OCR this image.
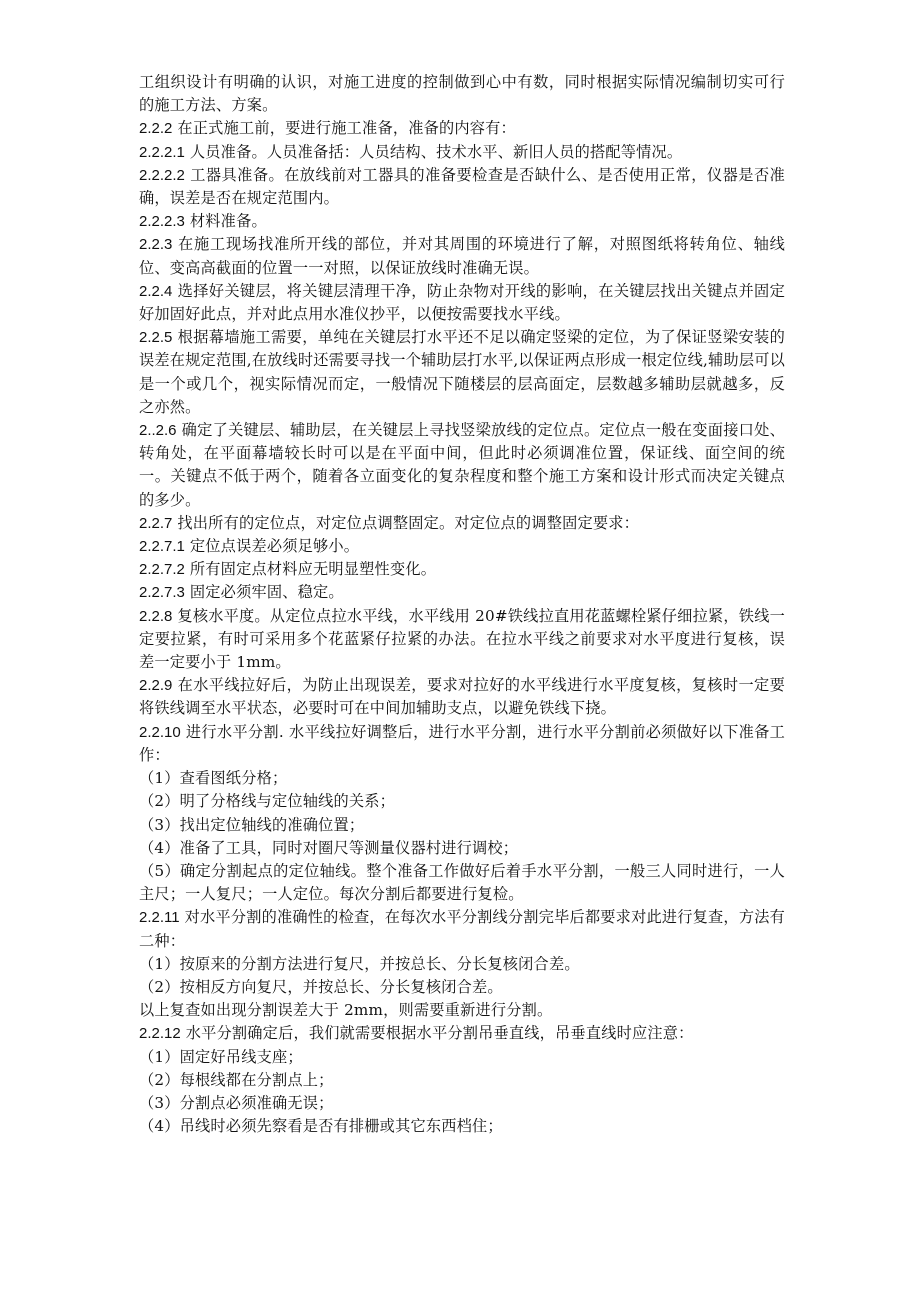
工组织设计有明确的认识，对施工进度的控制做到心中有数，同时根据实际情况编制切实可行的施工方法、方案。

2.2.2 在正式施工前，要进行施工准备，准备的内容有：

2.2.2.1 人员准备。人员准备括：人员结构、技术水平、新旧人员的搭配等情况。

2.2.2.2 工器具准备。在放线前对工器具的准备要检查是否缺什么、是否使用正常，仪器是否准确，误差是否在规定范围内。

2.2.2.3 材料准备。

2.2.3 在施工现场找准所开线的部位，并对其周围的环境进行了解，对照图纸将转角位、轴线位、变高高截面的位置一一对照，以保证放线时准确无误。

2.2.4 选择好关键层，将关键层清理干净，防止杂物对开线的影响，在关键层找出关键点并固定好加固好此点，并对此点用水准仪抄平，以便按需要找水平线。

2.2.5 根据幕墙施工需要，单纯在关键层打水平还不足以确定竖梁的定位，为了保证竖梁安装的误差在规定范围,在放线时还需要寻找一个辅助层打水平,以保证两点形成一根定位线,辅助层可以是一个或几个，视实际情况而定，一般情况下随楼层的层高面定，层数越多辅助层就越多，反之亦然。

2..2.6 确定了关键层、辅助层，在关键层上寻找竖梁放线的定位点。定位点一般在变面接口处、转角处，在平面幕墙较长时可以是在平面中间，但此时必须调准位置，保证线、面空间的统一。关键点不低于两个，随着各立面变化的复杂程度和整个施工方案和设计形式而决定关键点的多少。

2.2.7 找出所有的定位点，对定位点调整固定。对定位点的调整固定要求：

2.2.7.1 定位点误差必须足够小。

2.2.7.2 所有固定点材料应无明显塑性变化。

2.2.7.3 固定必须牢固、稳定。

2.2.8 复核水平度。从定位点拉水平线，水平线用 20#铁线拉直用花蓝螺栓紧仔细拉紧，铁线一定要拉紧，有时可采用多个花蓝紧仔拉紧的办法。在拉水平线之前要求对水平度进行复核，误差一定要小于 1mm。

2.2.9 在水平线拉好后，为防止出现误差，要求对拉好的水平线进行水平度复核，复核时一定要将铁线调至水平状态，必要时可在中间加辅助支点，以避免铁线下挠。

2.2.10 进行水平分割. 水平线拉好调整后，进行水平分割，进行水平分割前必须做好以下准备工作：

（1）查看图纸分格；

（2）明了分格线与定位轴线的关系；

（3）找出定位轴线的准确位置；

（4）准备了工具，同时对圈尺等测量仪器村进行调校；

（5）确定分割起点的定位轴线。整个准备工作做好后着手水平分割，一般三人同时进行，一人主尺；一人复尺；一人定位。每次分割后都要进行复检。

2.2.11 对水平分割的准确性的检查，在每次水平分割线分割完毕后都要求对此进行复查，方法有二种：

（1）按原来的分割方法进行复尺，并按总长、分长复核闭合差。

（2）按相反方向复尺，并按总长、分长复核闭合差。

以上复查如出现分割误差大于 2mm，则需要重新进行分割。

2.2.12 水平分割确定后，我们就需要根据水平分割吊垂直线，吊垂直线时应注意：

（1）固定好吊线支座；

（2）每根线都在分割点上；

（3）分割点必须准确无误；

（4）吊线时必须先察看是否有排栅或其它东西档住；
